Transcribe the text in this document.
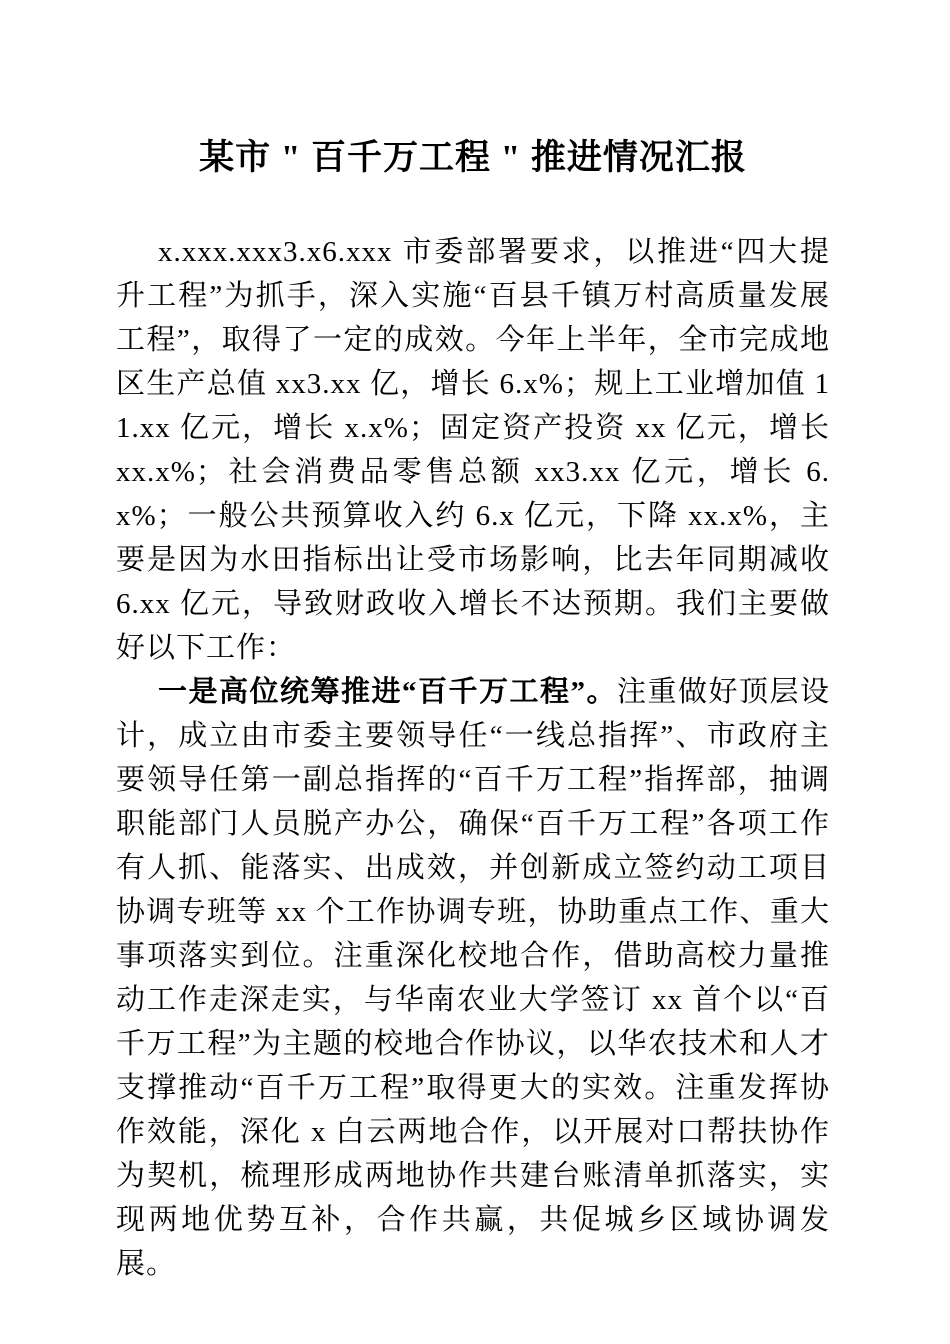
某市 " 百千万工程 " 推进情况汇报

x.xxx.xxx3.x6.xxx 市委部署要求，以推进“四大提升工程”为抓手，深入实施“百县千镇万村高质量发展工程”，取得了一定的成效。今年上半年，全市完成地区生产总值 xx3.xx 亿，增长 6.x%；规上工业增加值 11.xx 亿元，增长 x.x%；固定资产投资 xx 亿元，增长 xx.x%；社会消费品零售总额 xx3.xx 亿元，增长 6.x%；一般公共预算收入约 6.x 亿元，下降 xx.x%，主要是因为水田指标出让受市场影响，比去年同期减收 6.xx 亿元，导致财政收入增长不达预期。我们主要做好以下工作：

一是高位统筹推进“百千万工程”。注重做好顶层设计，成立由市委主要领导任“一线总指挥”、市政府主要领导任第一副总指挥的“百千万工程”指挥部，抽调职能部门人员脱产办公，确保“百千万工程”各项工作有人抓、能落实、出成效，并创新成立签约动工项目协调专班等 xx 个工作协调专班，协助重点工作、重大事项落实到位。注重深化校地合作，借助高校力量推动工作走深走实，与华南农业大学签订 xx 首个以“百千万工程”为主题的校地合作协议，以华农技术和人才支撑推动“百千万工程”取得更大的实效。注重发挥协作效能，深化 x 白云两地合作，以开展对口帮扶协作为契机，梳理形成两地协作共建台账清单抓落实，实现两地优势互补，合作共赢，共促城乡区域协调发展。
